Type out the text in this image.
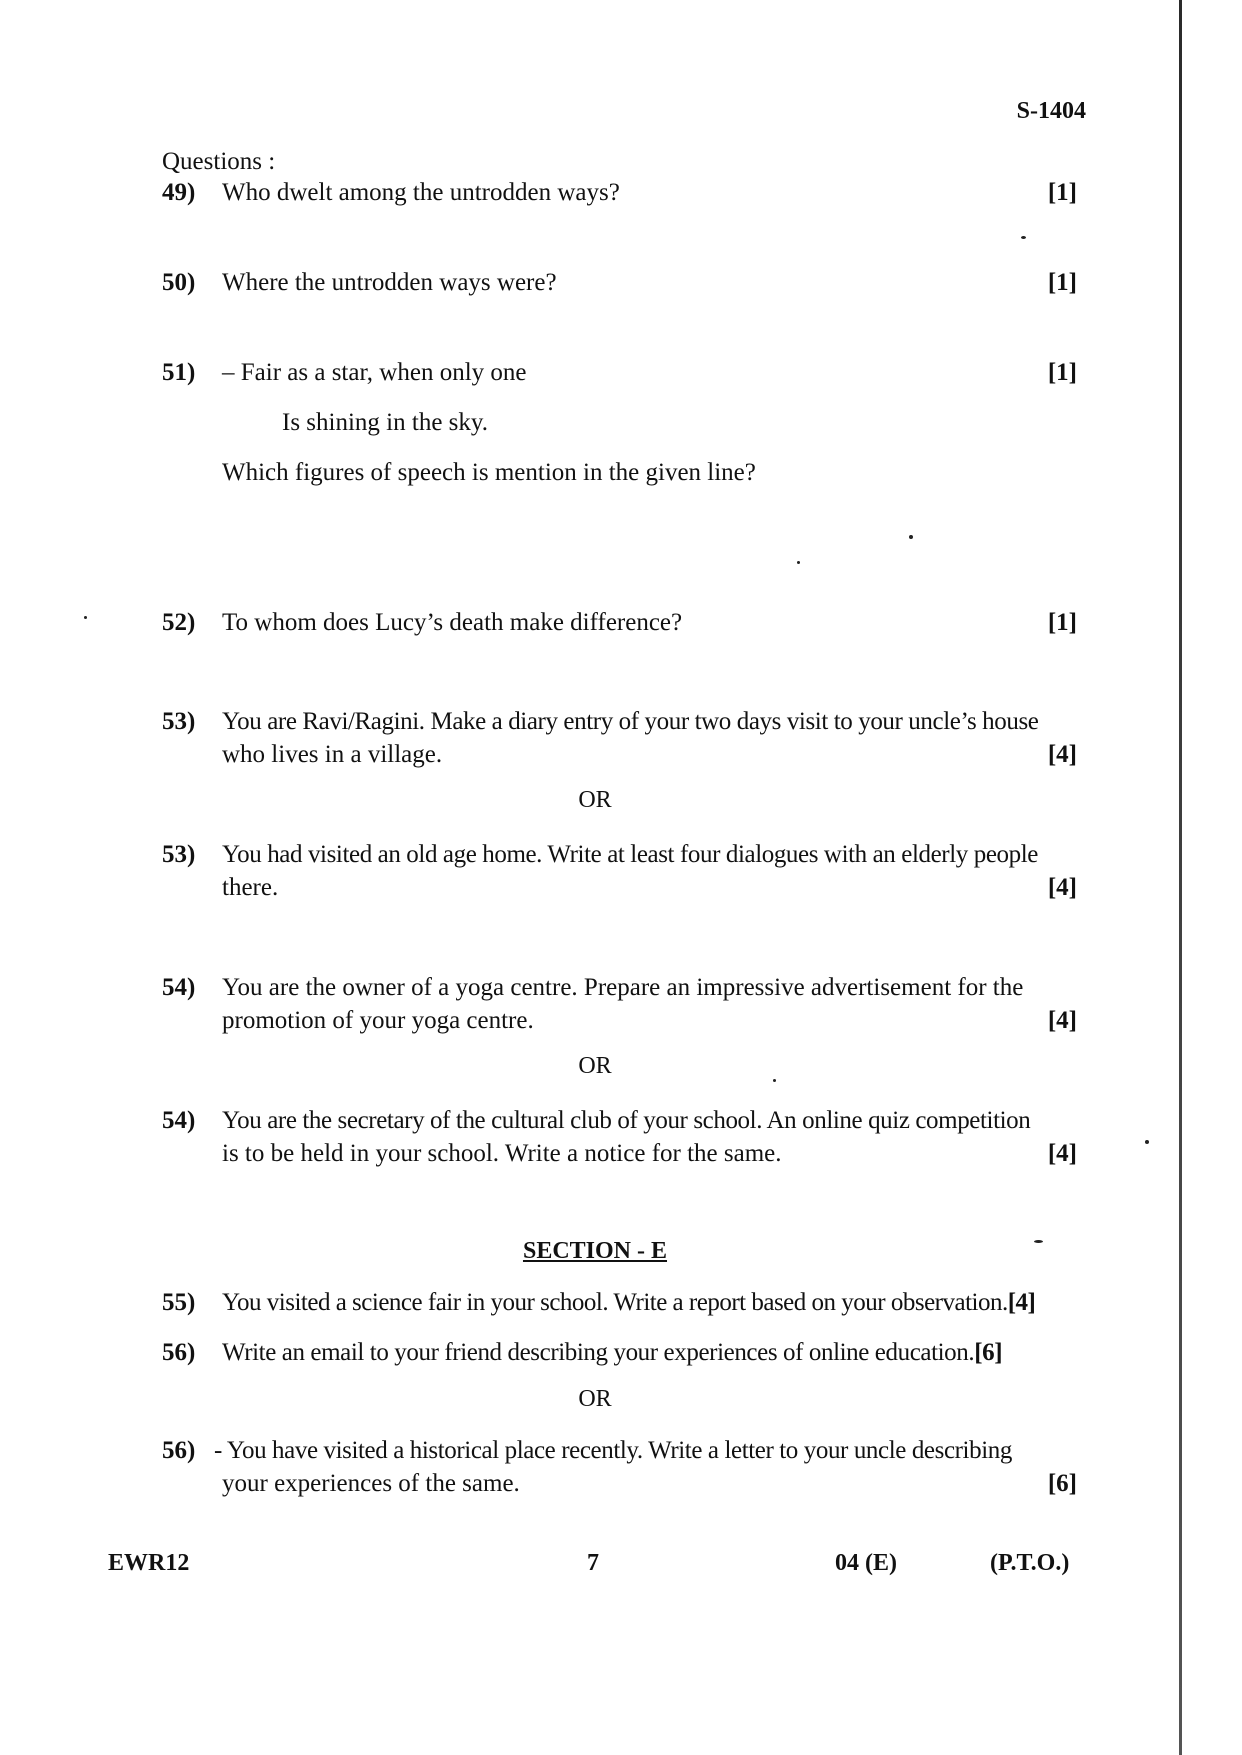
S-1404
Questions :
49) Who dwelt among the untrodden ways?	[1]
50) Where the untrodden ways were?	[1]
51) – Fair as a star, when only one
Is shining in the sky.
Which figures of speech is mention in the given line?
[1]
52) To whom does Lucy’s death make difference?	[1]
53) You are Ravi/Ragini. Make a diary entry of your two days visit to your uncle’s house
who lives in a village.	[4]
OR
53) You had visited an old age home. Write at least four dialogues with an elderly people
there.	[4]
54) You are the owner of a yoga centre. Prepare an impressive advertisement for the
promotion of your yoga centre.	[4]
OR
54) You are the secretary of the cultural club of your school. An online quiz competition
is to be held in your school. Write a notice for the same.	[4]
SECTION - E
55) You visited a science fair in your school. Write a report based on your observation.[4]
56) Write an email to your friend describing your experiences of online education.[6]
OR
56) - You have visited a historical place recently. Write a letter to your uncle describing
your experiences of the same.	[6]
EWR12	7	04 (E)	(P.T.O.)
